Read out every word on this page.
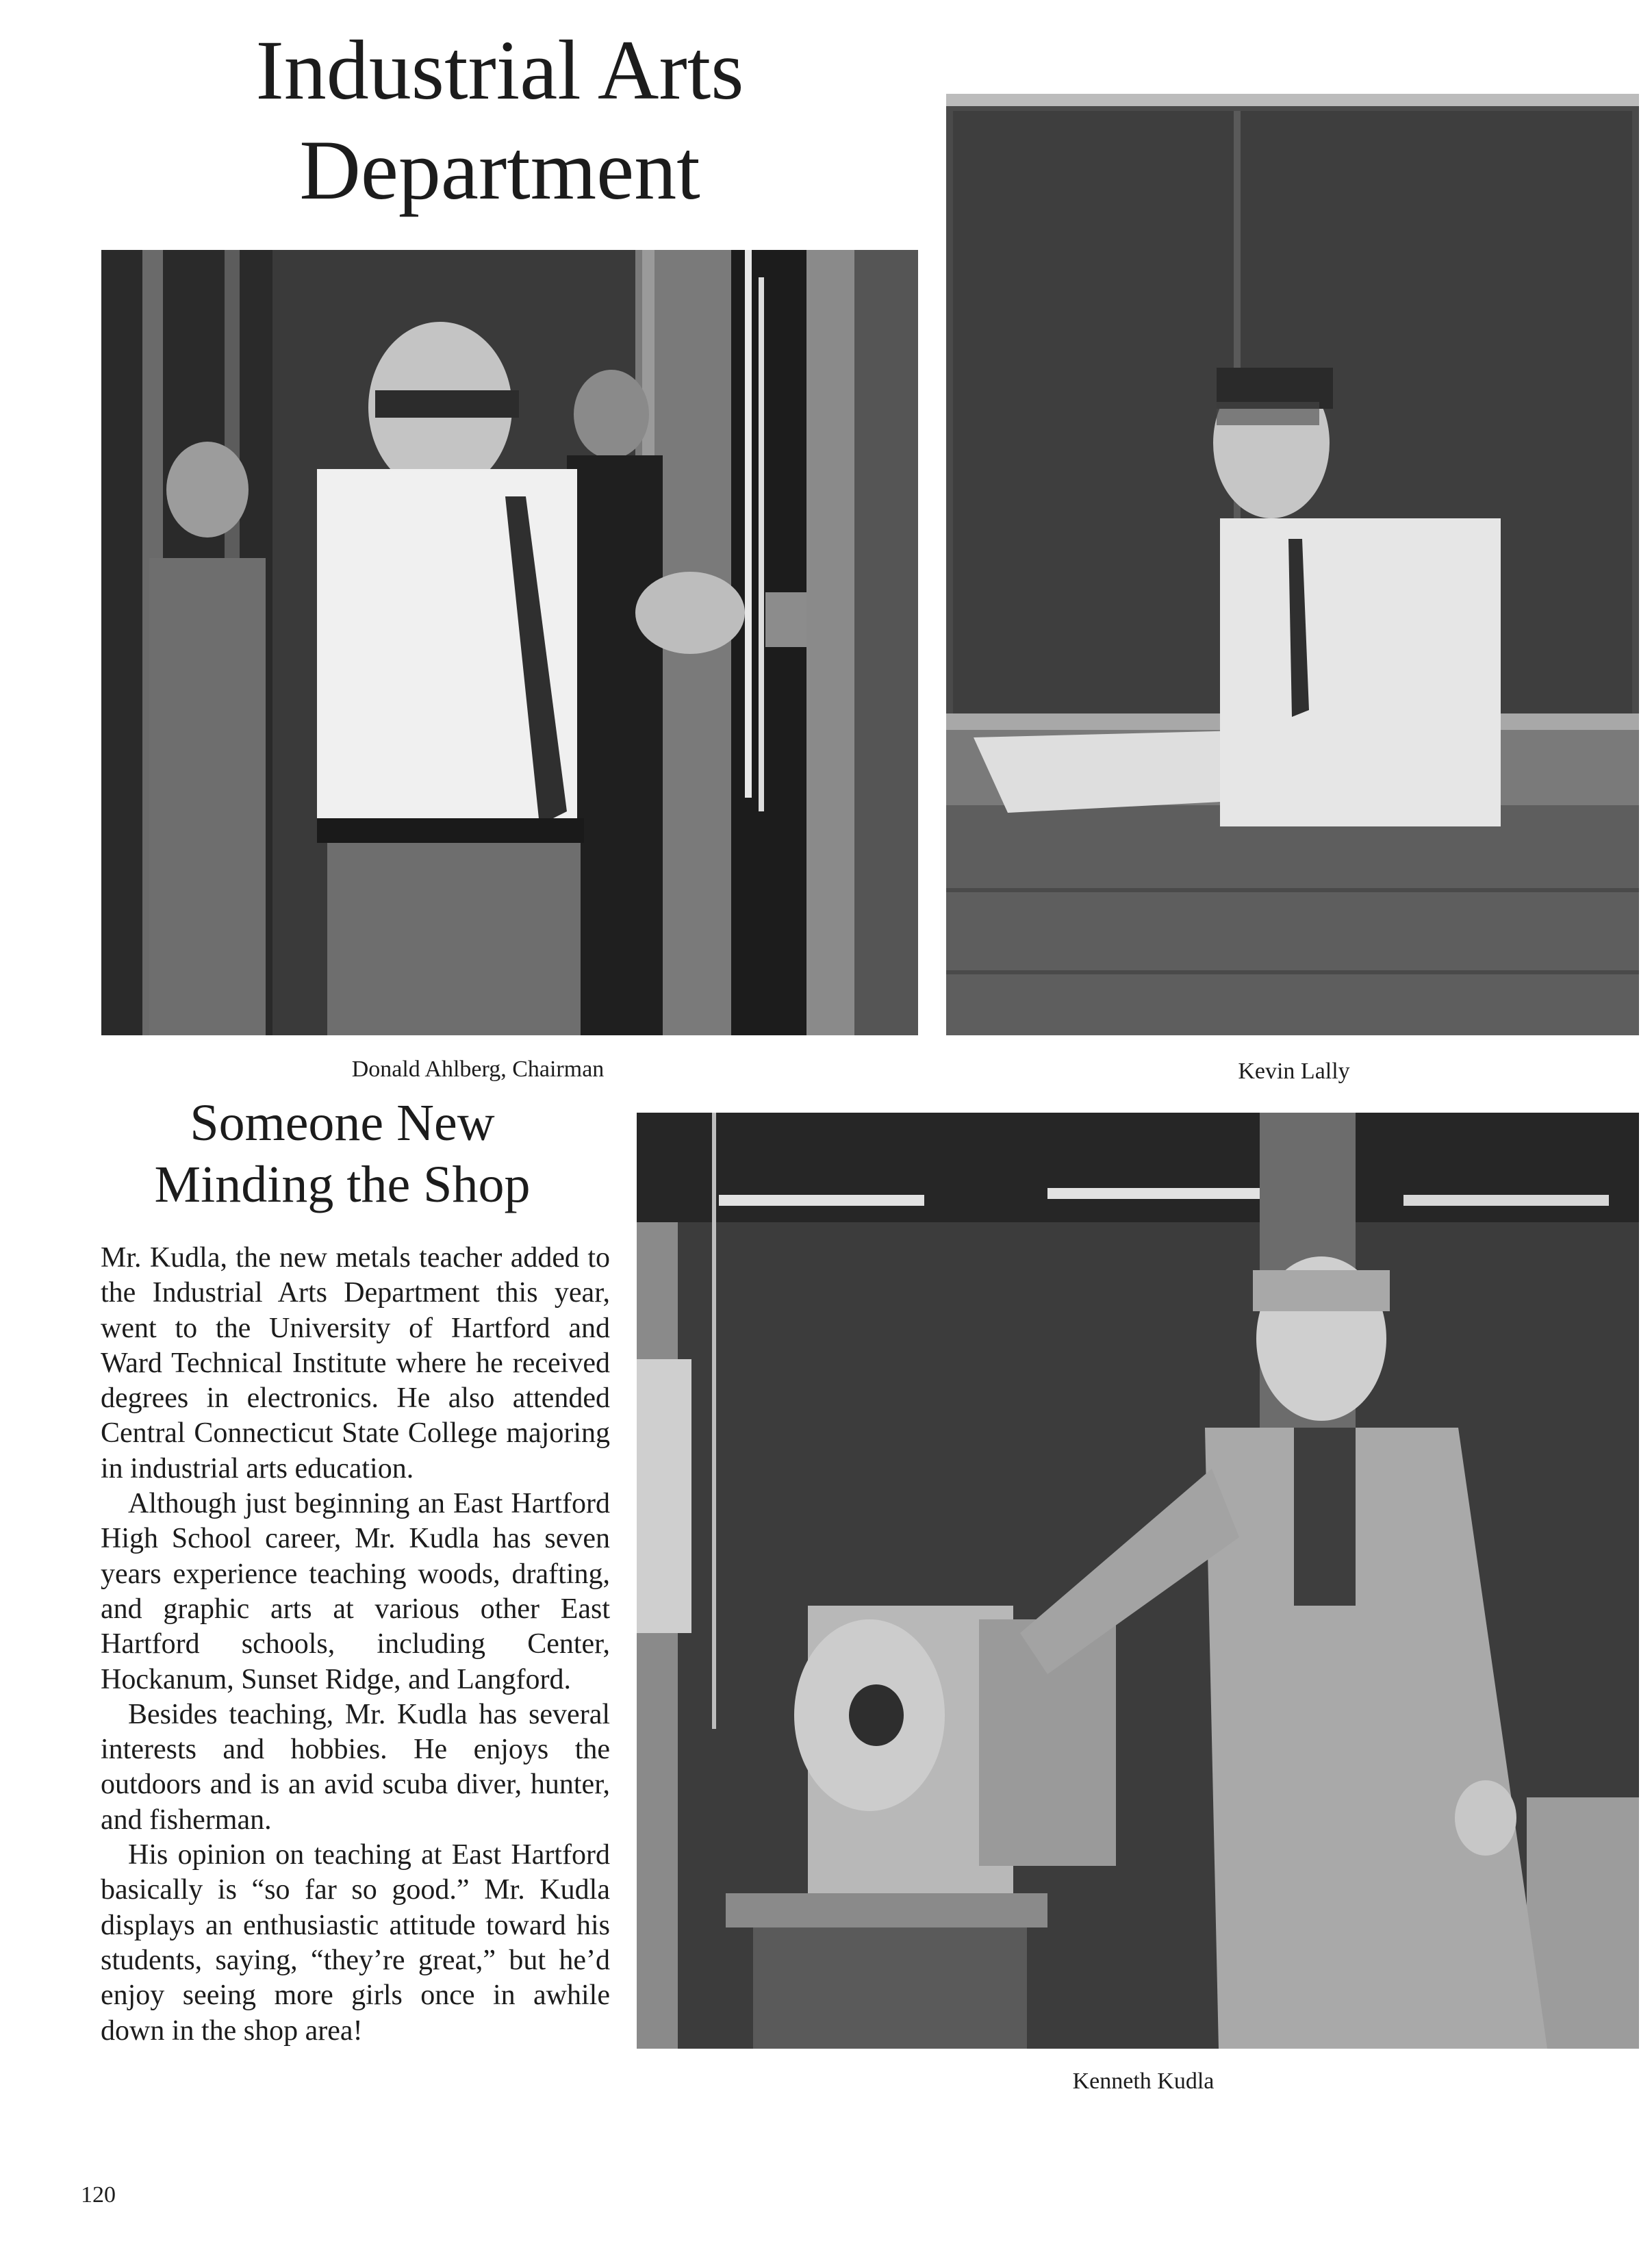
Industrial Arts
Department

Donald Ahlberg, Chairman	Kevin Lally

Someone New
Minding the Shop

Mr. Kudla, the new metals teacher added to the Industrial Arts Department this year, went to the University of Hartford and Ward Technical Institute where he received degrees in electronics. He also attended Central Connecticut State College majoring in industrial arts education.

Although just beginning an East Hartford High School career, Mr. Kudla has seven years experience teaching woods, drafting, and graphic arts at various other East Hartford schools, including Center, Hockanum, Sunset Ridge, and Langford.

Besides teaching, Mr. Kudla has several interests and hobbies. He enjoys the outdoors and is an avid scuba diver, hunter, and fisherman.

His opinion on teaching at East Hartford basically is “so far so good.” Mr. Kudla displays an enthusiastic attitude toward his students, saying, “they’re great,” but he’d enjoy seeing more girls once in awhile down in the shop area!

Kenneth Kudla

120
